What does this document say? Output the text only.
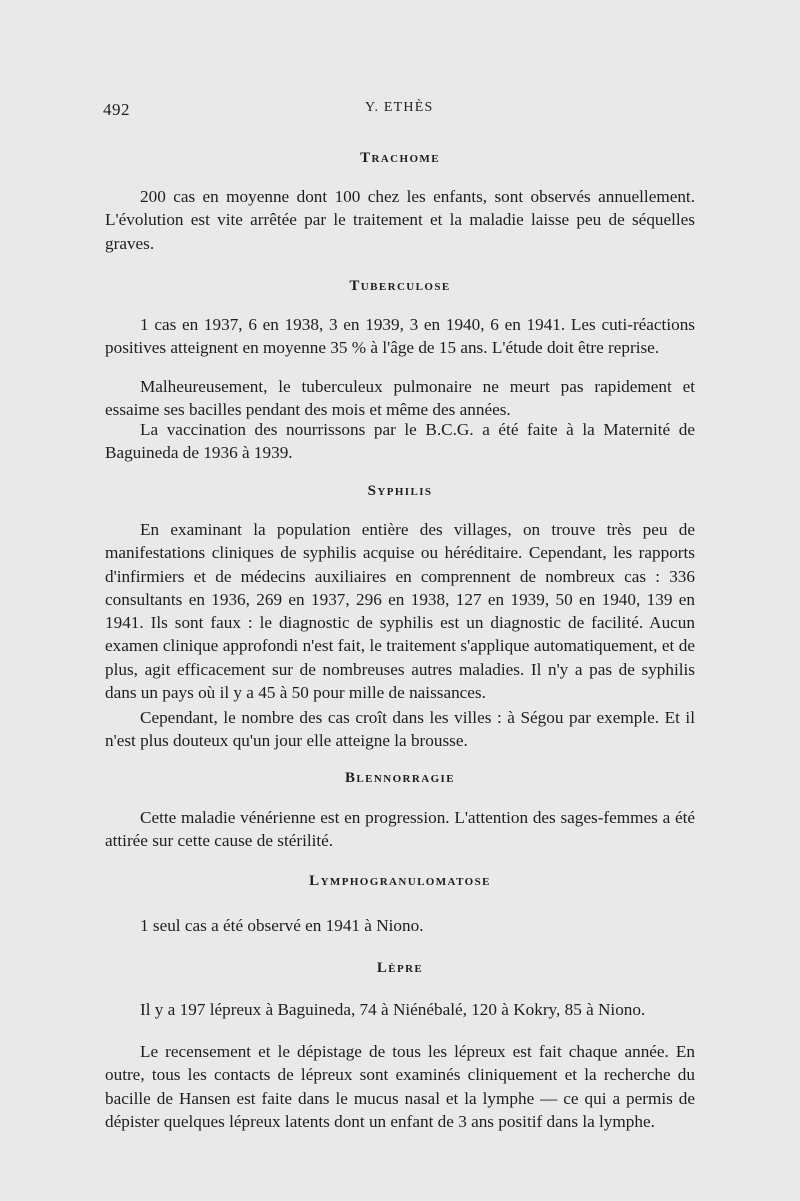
492	Y. ETHÈS
Trachome

200 cas en moyenne dont 100 chez les enfants, sont observés annuellement. L'évolution est vite arrêtée par le traitement et la maladie laisse peu de séquelles graves.

Tuberculose

1 cas en 1937, 6 en 1938, 3 en 1939, 3 en 1940, 6 en 1941. Les cuti-réactions positives atteignent en moyenne 35 % à l'âge de 15 ans. L'étude doit être reprise.

Malheureusement, le tuberculeux pulmonaire ne meurt pas rapidement et essaime ses bacilles pendant des mois et même des années.

La vaccination des nourrissons par le B.C.G. a été faite à la Maternité de Baguineda de 1936 à 1939.

Syphilis

En examinant la population entière des villages, on trouve très peu de manifestations cliniques de syphilis acquise ou héréditaire. Cependant, les rapports d'infirmiers et de médecins auxiliaires en comprennent de nombreux cas : 336 consultants en 1936, 269 en 1937, 296 en 1938, 127 en 1939, 50 en 1940, 139 en 1941. Ils sont faux : le diagnostic de syphilis est un diagnostic de facilité. Aucun examen clinique approfondi n'est fait, le traitement s'applique automatiquement, et de plus, agit efficacement sur de nombreuses autres maladies. Il n'y a pas de syphilis dans un pays où il y a 45 à 50 pour mille de naissances.

Cependant, le nombre des cas croît dans les villes : à Ségou par exemple. Et il n'est plus douteux qu'un jour elle atteigne la brousse.

Blennorragie

Cette maladie vénérienne est en progression. L'attention des sages-femmes a été attirée sur cette cause de stérilité.

Lymphogranulomatose

1 seul cas a été observé en 1941 à Niono.

Lèpre

Il y a 197 lépreux à Baguineda, 74 à Niénébalé, 120 à Kokry, 85 à Niono.

Le recensement et le dépistage de tous les lépreux est fait chaque année. En outre, tous les contacts de lépreux sont examinés cliniquement et la recherche du bacille de Hansen est faite dans le mucus nasal et la lymphe — ce qui a permis de dépister quelques lépreux latents dont un enfant de 3 ans positif dans la lymphe.
